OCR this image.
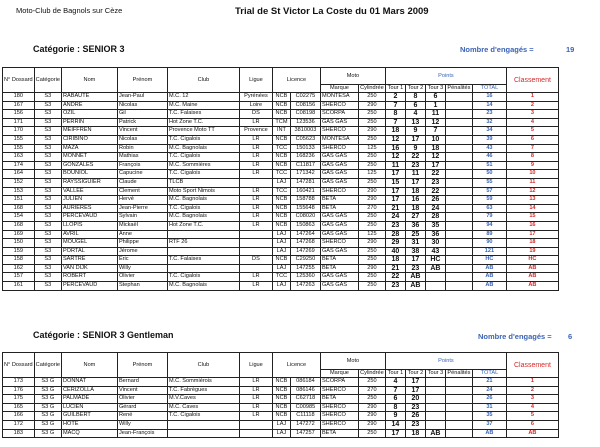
Moto-Club de Bagnols sur Cèze	Trial de St Victor La Coste du 01 Mars 2009
Catégorie : SENIOR 3	Nombre d'engagés =	19
Catégorie : SENIOR 3 Gentleman	Nombre d'engagés = 6
N° Dossard	Catégorie	Nom	Prénom	Club	Ligue	Licence		Moto		Points					Classement
								Marque	Cylindrée	Tour 1	Tour 2	Tour 3	Pénalités	TOTAL	
180	S3	RABAUTE	Jean-Paul	M.C. 12	Pyrénées	NCB	C02275	MONTESA	250	2	8	6		16	1
167	S3	ANDRE	Nicolas	M.C. Maine	Loire	NCB	C08156	SHERCO	290	7	6	1		14	2
156	S3	OZIL	Gil	T.C. Falaises	DS	NCB	C08198	SCORPA	250	8	4	11		23	3
171	S3	PERRIN	Patrick	Hot Zone T.C.	LR	TCM	123536	GAS GAS	250	7	13	12		32	4
170	S3	MEIFFREN	Vincent	Provence Moto TT	Provence	INT	3810003	SHERCO	290	18	9	7		34	5
155	S3	CIRIBINO	Nicolas	T.C. Cigalois	LR	NCB	C05623	MONTESA	250	12	17	10		39	6
155	S3	MAZA	Robin	M.C. Bagnolais	LR	TCC	150133	SHERCO	125	16	9	18		43	7
163	S3	MONNET	Mathias	T.C. Cigalois	LR	NCB	168236	GAS GAS	250	12	22	12		46	8
174	S3	GONZALES	François	M.C. Sommières	LR	NCB	C11817	GAS GAS	250	11	23	17		51	9
164	S3	BOUNIOL	Capucine	T.C. Cigalois	LR	TCC	171342	GAS GAS	125	17	11	22		50	10
152	S3	RAYSSIGUIER	Claude	TLCB		LAJ	147281	GAS GAS	250	15	17	23		55	11
153	S3	VALLEE	Clement	Moto Sport Nimois	LR	TCC	160421	SHERCO	290	17	18	22		57	12
151	S3	JULIEN	Hervé	M.C. Bagnolais	LR	NCB	158788	BETA	290	17	16	26		59	13
168	S3	AURIERES	Jean-Pierre	T.C. Cigalois	LR	NCB	155648	BETA	270	21	18	24		63	14
154	S3	PERCEVAUD	Sylvain	M.C. Bagnolais	LR	NCB	C08020	GAS GAS	250	24	27	28		79	15
168	S3	LLOPIS	Mickaël	Hot Zone T.C.	LR	NCB	150863	GAS GAS	250	23	36	35		94	16
169	S3	AVRIL	Anne			LAJ	147264	GAS GAS	125	28	25	36		89	17
150	S3	MOUGEL	Philippe	RTF 26		LAJ	147268	SHERCO	290	29	31	30		90	18
159	S3	PORTAL	Jérome			LAJ	147269	GAS GAS	250	40	38	43		121	19
158	S3	SARTRE	Eric	T.C. Falaises	DS	NCB	C29250	BETA	250	18	17	HC		HC	HC
162	S3	VAN DIJK	Willy			LAJ	147255	BETA	290	21	23	AB		AB	AB
157	S3	ROBERT	Olivier	T.C. Cigalois	LR	TCC	125360	GAS GAS	250	22	AB			AB	AB
161	S3	PERCEVAUD	Stephan	M.C. Bagnolais	LR	LAJ	147263	GAS GAS	250	23	AB			AB	AB
N° Dossard	Catégorie	Nom	Prénom	Club	Ligue	Licence		Moto		Points					Classement
								Marque	Cylindrée	Tour 1	Tour 2	Tour 3	Pénalités	TOTAL	
173	S3 G	DONNAT	Bernard	M.C. Sommiérois	LR	NCB	086184	SCORPA	250	4	17			21	1
176	S3 G	CERIZOLLA	Vincent	T.C. Fabrègues	LR	NCB	086146	SHERCO	270	7	17			24	2
175	S3 G	PALMADE	Olivier	M.V.Caves	LR	NCB	C62718	BETA	250	6	20			26	3
165	S3 G	LUCIEN	Gérard	M.C. Caves	LR	NCB	C00985	SHERCO	290	8	23			31	4
166	S3 G	GUILBERT	René	T.C. Cigalois	LR	NCB	C11118	SHERCO	290	9	26			35	5
172	S3 G	HOTE	Willy			LAJ	147272	SHERCO	290	14	23			37	6
183	S3 G	MACQ	Jean-François			LAJ	147257	BETA	250	17	18	AB		AB	AB
